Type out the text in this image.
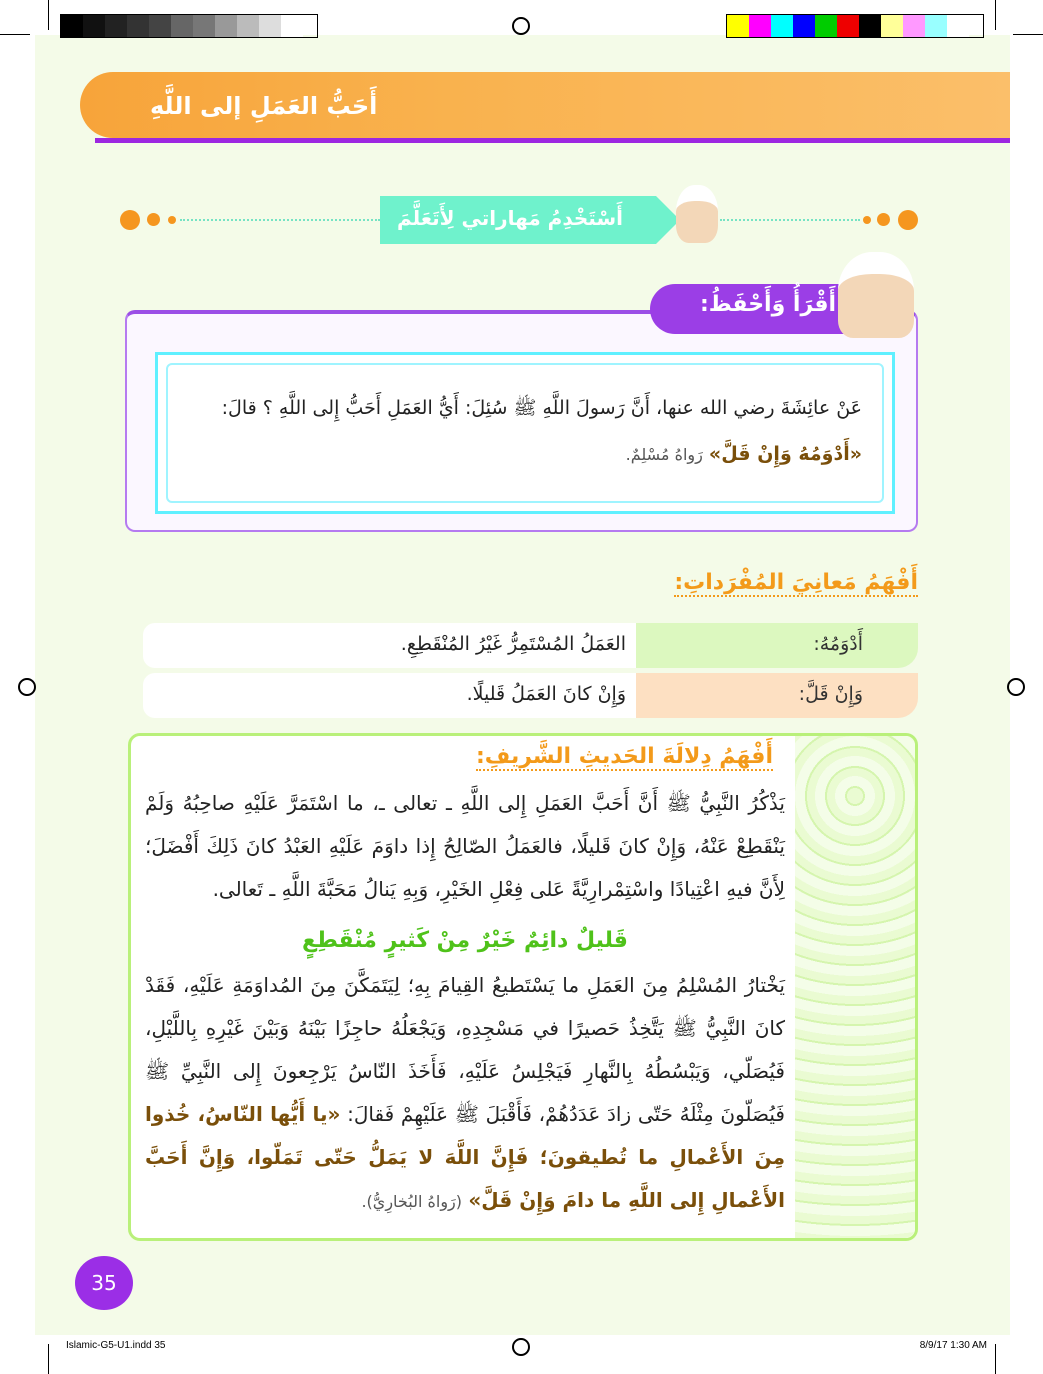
أَحَبُّ العَمَلِ إلى اللَّهِ
أَسْتَخْدِمُ مَهاراتي لِأَتَعَلَّمَ
أَقْرَأُ وَأَحْفَظُ:
عَنْ عائِشَةَ رضي الله عنها، أَنَّ رَسولَ اللَّهِ ﷺ سُئِلَ: أَيُّ العَمَلِ أَحَبُّ إِلى اللَّهِ ؟ قالَ: «أَدْوَمُهُ وَإِنْ قَلَّ» رَواهُ مُسْلِمٌ.
أَفْهَمُ مَعانِيَ المُفْرَداتِ:
أَدْوَمُهُ:
العَمَلُ المُسْتَمِرُّ غَيْرُ المُنْقَطِعِ.
وَإِنْ قَلَّ:
وَإِنْ كانَ العَمَلُ قَليلًا.
أَفْهَمُ دِلالَةَ الحَديثِ الشَّريفِ:
يَذْكُرُ النَّبِيُّ ﷺ أَنَّ أَحَبَّ العَمَلِ إِلى اللَّهِ ـ تعالى ـ، ما اسْتَمَرَّ عَلَيْهِ صاحِبُهُ وَلَمْ يَنْقَطِعْ عَنْهُ، وَإِنْ كانَ قَليلًا، فالعَمَلُ الصّالِحُ إِذا داوَمَ عَلَيْهِ العَبْدُ كانَ ذَلِكَ أَفْضَلَ؛ لِأَنَّ فيهِ اعْتِيادًا واسْتِمْرارِيَّةً عَلى فِعْلِ الخَيْرِ، وَبِهِ يَنالُ مَحَبَّةَ اللَّهِ ـ تَعالى.
قَليلٌ دائِمٌ خَيْرٌ مِنْ كَثيرٍ مُنْقَطِعٍ
يَخْتارُ المُسْلِمُ مِنَ العَمَلِ ما يَسْتَطيعُ القِيامَ بِهِ؛ لِيَتَمَكَّنَ مِنَ المُداوَمَةِ عَلَيْهِ، فَقَدْ كانَ النَّبِيُّ ﷺ يَتَّخِذُ حَصيرًا في مَسْجِدِهِ، وَيَجْعَلُهُ حاجِزًا بَيْنَهُ وَبَيْنَ غَيْرِهِ بِاللَّيْلِ، فَيُصَلّي، وَيَبْسُطُهُ بِالنَّهارِ فَيَجْلِسُ عَلَيْهِ، فَأَخَذَ النّاسُ يَرْجِعونَ إِلى النَّبِيِّ ﷺ فَيُصَلّونَ مِثْلَهُ حَتّى زادَ عَدَدُهُمْ، فَأَقْبَلَ ﷺ عَلَيْهِمْ فَقالَ: «يا أَيُّها النّاسُ، خُذوا مِنَ الأَعْمالِ ما تُطيقونَ؛ فَإِنَّ اللَّهَ لا يَمَلُّ حَتّى تَمَلّوا، وَإِنَّ أَحَبَّ الأَعْمالِ إِلى اللَّهِ ما دامَ وَإِنْ قَلَّ» (رَواهُ البُخارِيُّ).
35
Islamic-G5-U1.indd 35	8/9/17 1:30 AM
